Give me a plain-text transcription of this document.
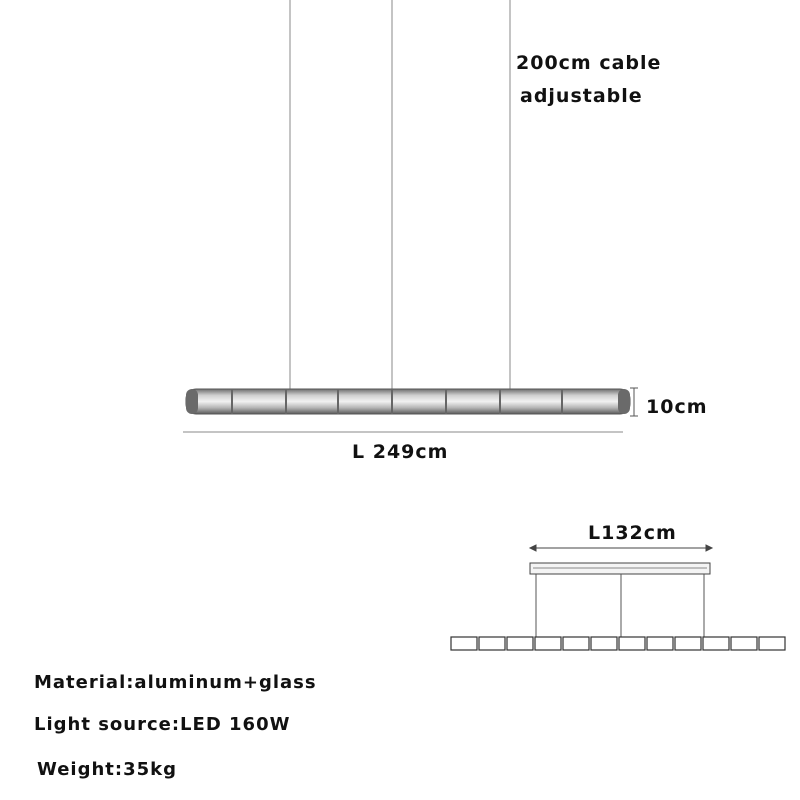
200cm cable
adjustable
10cm
L 249cm
L132cm
Material:aluminum+glass
Light source:LED 160W
Weight:35kg
